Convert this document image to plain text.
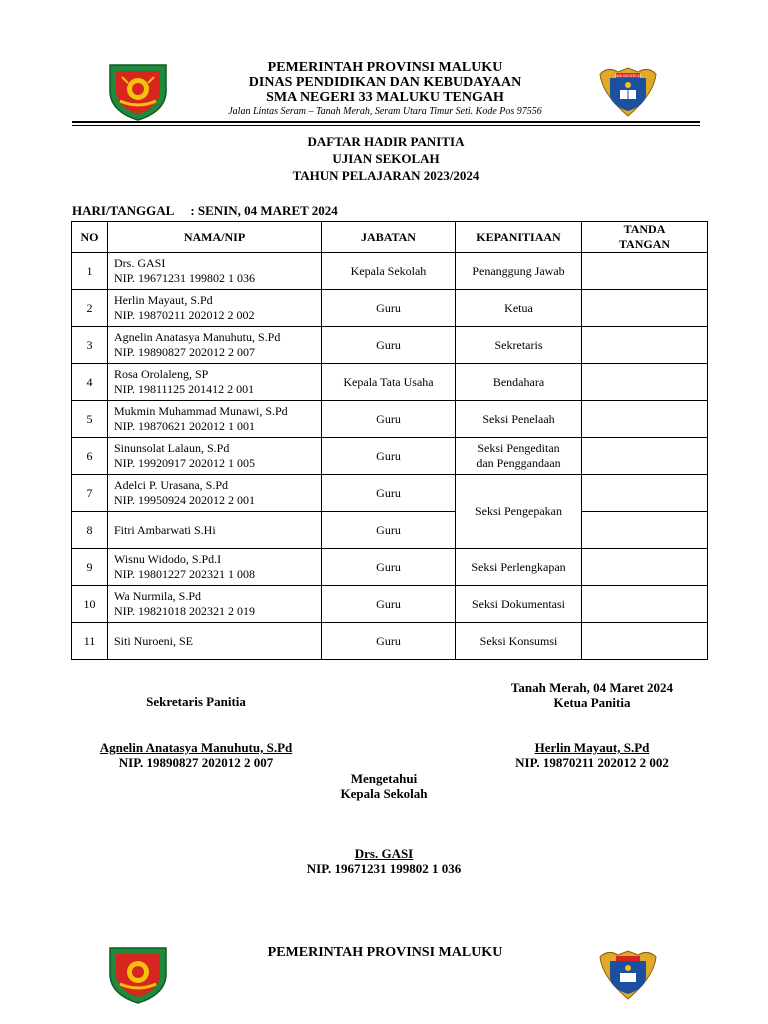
PEMERINTAH PROVINSI MALUKU
DINAS PENDIDIKAN DAN KEBUDAYAAN
SMA NEGERI 33 MALUKU TENGAH
Jalan Lintas Seram – Tanah Merah, Seram Utara Timur Seti. Kode Pos 97556
SMA NEGERI 33
DAFTAR HADIR PANITIA
UJIAN SEKOLAH
TAHUN PELAJARAN 2023/2024
HARI/TANGGAL : SENIN, 04 MARET 2024
NO	NAMA/NIP	JABATAN	KEPANITIAAN	TANDA
TANGAN

1	Drs. GASI
NIP. 19671231 199802 1 036	Kepala Sekolah	Penanggung Jawab	
2	Herlin Mayaut, S.Pd
NIP. 19870211 202012 2 002	Guru	Ketua	
3	Agnelin Anatasya Manuhutu, S.Pd
NIP. 19890827 202012 2 007	Guru	Sekretaris	
4	Rosa Orolaleng, SP
NIP. 19811125 201412 2 001	Kepala Tata Usaha	Bendahara	
5	Mukmin Muhammad Munawi, S.Pd
NIP. 19870621 202012 1 001	Guru	Seksi Penelaah	
6	Sinunsolat Lalaun, S.Pd
NIP. 19920917 202012 1 005	Guru	Seksi Pengeditan
dan Penggandaan	

7	Adelci P. Urasana, S.Pd
NIP. 19950924 202012 2 001	Guru	Seksi Pengepakan	
8	Fitri Ambarwati S.Hi	Guru		
9	Wisnu Widodo, S.Pd.I
NIP. 19801227 202321 1 008	Guru	Seksi Perlengkapan	
10	Wa Nurmila, S.Pd
NIP. 19821018 202321 2 019	Guru	Seksi Dokumentasi	
11	Siti Nuroeni, SE	Guru	Seksi Konsumsi	
Tanah Merah, 04 Maret 2024
Ketua Panitia
Sekretaris Panitia
Agnelin Anatasya Manuhutu, S.Pd
NIP. 19890827 202012 2 007
Herlin Mayaut, S.Pd
NIP. 19870211 202012 2 002
Mengetahui
Kepala Sekolah
Drs. GASI
NIP. 19671231 199802 1 036
PEMERINTAH PROVINSI MALUKU
